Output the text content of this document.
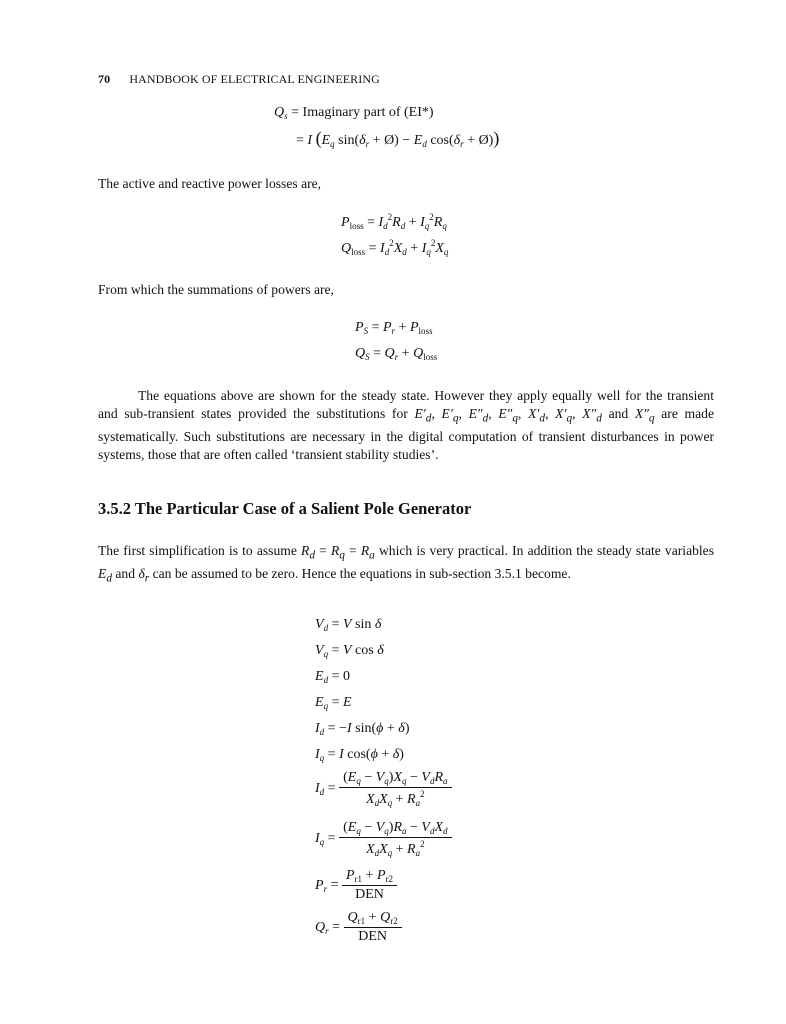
70 HANDBOOK OF ELECTRICAL ENGINEERING
$Q_s$ = Imaginary part of (EI*)
= I ($E_q$ $\sin(\delta_r$ + Ø) − $E_d$ $\cos(\delta_r$ + Ø))
The active and reactive power losses are,
$P_{loss} = I_d^2R_d + I_q^2R_q$
$Q_{loss} = I_d^2X_d + I_q^2X_q$
From which the summations of powers are,
$P_S = P_r + P_{loss}$
$Q_S = Q_r + Q_{loss}$
The equations above are shown for the steady state. However they apply equally well for the transient and sub-transient states provided the substitutions for $E'_d$, $E'_q$, $E''_d$, $E''_q$, $X'_d$, $X'_q$, $X''_d$ and $X''_q$ are made systematically. Such substitutions are necessary in the digital computation of transient disturbances in power systems, those that are often called ‘transient stability studies’.
3.5.2 The Particular Case of a Salient Pole Generator
The first simplification is to assume $R_d = R_q = R_a$ which is very practical. In addition the steady state variables $E_d$ and $\delta_r$ can be assumed to be zero. Hence the equations in sub-section 3.5.1 become.
$V_d = V$ sin δ
$V_q = V$ cos δ
$E_d = 0$
$E_q = E$
$I_d = -I$ sin(ϕ + δ)
$I_q = I$ cos(ϕ + δ)
$I_d = \frac{(E_q - V_q)X_q - V_dR_a}{X_dX_q + R_a^2}$
$I_q = \frac{(E_q - V_q)R_a - V_dX_d}{X_dX_q + R_a^2}$
$P_r = \frac{P_{r1} + P_{r2}}{\text{DEN}}$
$Q_r = \frac{Q_{r1} + Q_{r2}}{\text{DEN}}$
